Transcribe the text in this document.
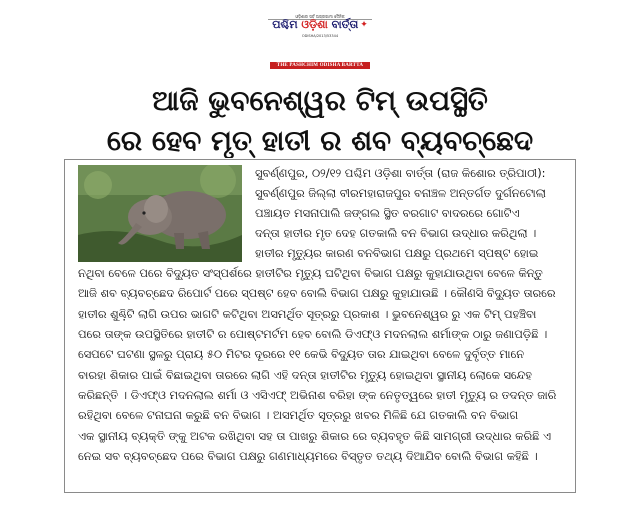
ଓଡ଼ିଶାର ସର୍ବ ଅଗ୍ରଗାମୀ ଦୈନିକ
ପଶ୍ଚିମ ଓଡ଼ିଶା ବାର୍ତ୍ତା ✦
ODISHA/2013/53344
THE PASHCHIM ODISHA BARTTA
ଆଜି ଭୁବନେଶ୍ୱର ଟିମ୍ ଉପସ୍ଥିତି
ରେ ହେବ ମୃତ୍ ହାତୀ ର ଶବ ବ୍ୟବଚ୍ଛେଦ
ସୁବର୍ଣ୍ଣପୁର, ୦୨/୧୨ ପଶ୍ଚିମ ଓଡ଼ିଶା ବାର୍ତ୍ତା (ରାଜ କିଶୋର ତ୍ରିପାଠୀ):
ସୁବର୍ଣ୍ଣପୁର ଜିଲ୍ଲା ବୀରମହାରାଜପୁର ବନାଞ୍ଚଳ ଅନ୍ତର୍ଗତ ଦୁର୍ଗନଟୋଲା
ପଞ୍ଚାୟତ ମସନାପାଲି ଜଙ୍ଗଲ ସ୍ଥିତ ବରଗାଟ ବାଦରରେ ଗୋଟିଏ
ଦନ୍ତା ହାତୀର ମୃତ ଦେହ ଗତକାଲି ବନ ବିଭାଗ ଉଦ୍ଧାର କରିଥିଲା ।
ହାତୀର ମୃତ୍ୟୁର କାରଣ ବନବିଭାଗ ପକ୍ଷରୁ ପ୍ରଥମେ ସ୍ପଷ୍ଟ ହୋଇ
ନଥିବା ବେଳେ ପରେ ବିଦ୍ୟୁତ ସଂସ୍ପର୍ଶରେ ହାତୀଟିର ମୃତ୍ୟୁ ଘଟିଥିବା ବିଭାଗ ପକ୍ଷରୁ କୁହାଯାଉଥିବା ବେଳେ କିନ୍ତୁ
ଆଜି ଶବ ବ୍ୟବଚ୍ଛେଦ ରିପୋର୍ଟ ପରେ ସ୍ପଷ୍ଟ ହେବ ବୋଲି ବିଭାଗ ପକ୍ଷରୁ କୁହାଯାଉଛି । କୌଣସି ବିଦ୍ୟୁତ ତାରରେ
ହାତୀର ଶୁଣ୍ଢ଼ିଟି ଲାଗି ଉପର ଭାଗଟି କଟିଥିବା ଅସମର୍ଥିତ ସୂତ୍ରରୁ ପ୍ରକାଶ । ଭୁବନେଶ୍ୱର ରୁ ଏକ ଟିମ୍ ପହଞ୍ଚିବା
ପରେ ତାଙ୍କ ଉପସ୍ଥିତିରେ ହାତୀଟି ର ପୋଷ୍ଟମର୍ଟମ ହେବ ବୋଲି ଡିଏଫ୍ଓ ମଦନଲାଲ ଶର୍ମାଙ୍କ ଠାରୁ ଜଣାପଡ଼ିଛି ।
ସେପଟେ ଘଟଣା ସ୍ଥଳରୁ ପ୍ରାୟ ୫୦ ମିଟର ଦୂରରେ ୧୧ କେଭି ବିଦ୍ୟୁତ ତାର ଯାଇଥିବା ବେଳେ ଦୁର୍ବୃତ୍ତ ମାନେ
ବାରହା ଶିକାର ପାଇଁ ବିଛାଇଥିବା ତାରରେ ଲାଗି ଏହି ଦନ୍ତା ହାତୀଟିର ମୃତ୍ୟୁ ହୋଇଥିବା ସ୍ଥାନୀୟ ଲୋକେ ସନ୍ଦେହ
କରିଛନ୍ତି । ଡିଏଫ୍ଓ ମଦନଲାଲ ଶର୍ମା ଓ ଏସିଏଫ୍ ଅଭିନାଶ ବରିହା ଙ୍କ ନେତୃତ୍ୱରେ ହାତୀ ମୃତ୍ୟୁ ର ତଦନ୍ତ ଜାରି
ରହିଥିବା ବେଳେ ଟନାଘନା କରୁଛି ବନ ବିଭାଗ । ଅସମର୍ଥିତ ସୂତ୍ରରୁ ଖବର ମିଳିଛି ଯେ ଗତକାଲି ବନ ବିଭାଗ
ଏକ ସ୍ଥାନୀୟ ବ୍ୟକ୍ତି ଙ୍କୁ ଅଟକ ରଖିଥିବା ସହ ତା ପାଖରୁ ଶିକାର ରେ ବ୍ୟବହୃତ କିଛି ସାମଗ୍ରୀ ଉଦ୍ଧାର କରିଛି ଏ
ନେଇ ସବ ବ୍ୟବଚ୍ଛେଦ ପରେ ବିଭାଗ ପକ୍ଷରୁ ଗଣମାଧ୍ୟମରେ ବିସ୍ତୃତ ତଥ୍ୟ ଦିଆଯିବ ବୋଲି ବିଭାଗ କହିଛି ।
